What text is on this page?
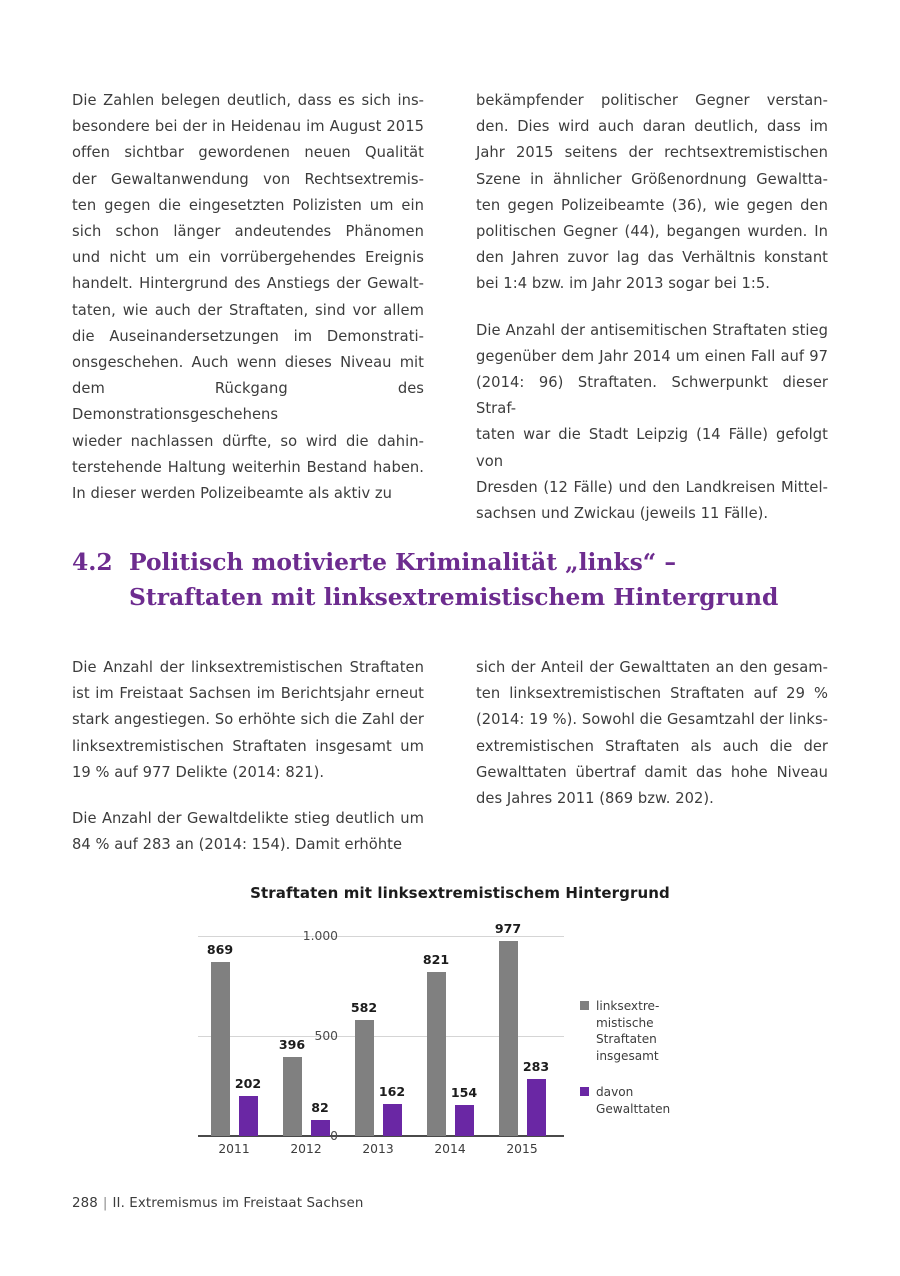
Die Zahlen belegen deutlich, dass es sich ins-
besondere bei der in Heidenau im August 2015
offen sichtbar gewordenen neuen Qualität
der Gewaltanwendung von Rechtsextremis-
ten gegen die eingesetzten Polizisten um ein
sich schon länger andeutendes Phänomen
und nicht um ein vorrübergehendes Ereignis
handelt. Hintergrund des Anstiegs der Gewalt-
taten, wie auch der Straftaten, sind vor allem
die Auseinandersetzungen im Demonstrati-
onsgeschehen. Auch wenn dieses Niveau mit
dem Rückgang des Demonstrationsgeschehens
wieder nachlassen dürfte, so wird die dahin-
terstehende Haltung weiterhin Bestand haben.
In dieser werden Polizeibeamte als aktiv zu

bekämpfender politischer Gegner verstan-
den. Dies wird auch daran deutlich, dass im
Jahr 2015 seitens der rechtsextremistischen
Szene in ähnlicher Größenordnung Gewaltta-
ten gegen Polizeibeamte (36), wie gegen den
politischen Gegner (44), begangen wurden. In
den Jahren zuvor lag das Verhältnis konstant
bei 1:4 bzw. im Jahr 2013 sogar bei 1:5.

Die Anzahl der antisemitischen Straftaten stieg
gegenüber dem Jahr 2014 um einen Fall auf 97
(2014: 96) Straftaten. Schwerpunkt dieser Straf-
taten war die Stadt Leipzig (14 Fälle) gefolgt von
Dresden (12 Fälle) und den Landkreisen Mittel-
sachsen und Zwickau (jeweils 11 Fälle).

4.2 Politisch motivierte Kriminalität „links“ –
Straftaten mit linksextremistischem Hintergrund

Die Anzahl der linksextremistischen Straftaten
ist im Freistaat Sachsen im Berichtsjahr erneut
stark angestiegen. So erhöhte sich die Zahl der
linksextremistischen Straftaten insgesamt um
19 % auf 977 Delikte (2014: 821).

Die Anzahl der Gewaltdelikte stieg deutlich um
84 % auf 283 an (2014: 154). Damit erhöhte

sich der Anteil der Gewalttaten an den gesam-
ten linksextremistischen Straftaten auf 29 %
(2014: 19 %). Sowohl die Gesamtzahl der links-
extremistischen Straftaten als auch die der
Gewalttaten übertraf damit das hohe Niveau
des Jahres 2011 (869 bzw. 202).

Straftaten mit linksextremistischem Hintergrund
0
500
1.000
869
202
396
82
582
162
821
154
977
283
2011	2012	2013	2014	2015
linksextre-
mistische
Straftaten
insgesamt
davon
Gewalttaten
288 | II. Extremismus im Freistaat Sachsen
